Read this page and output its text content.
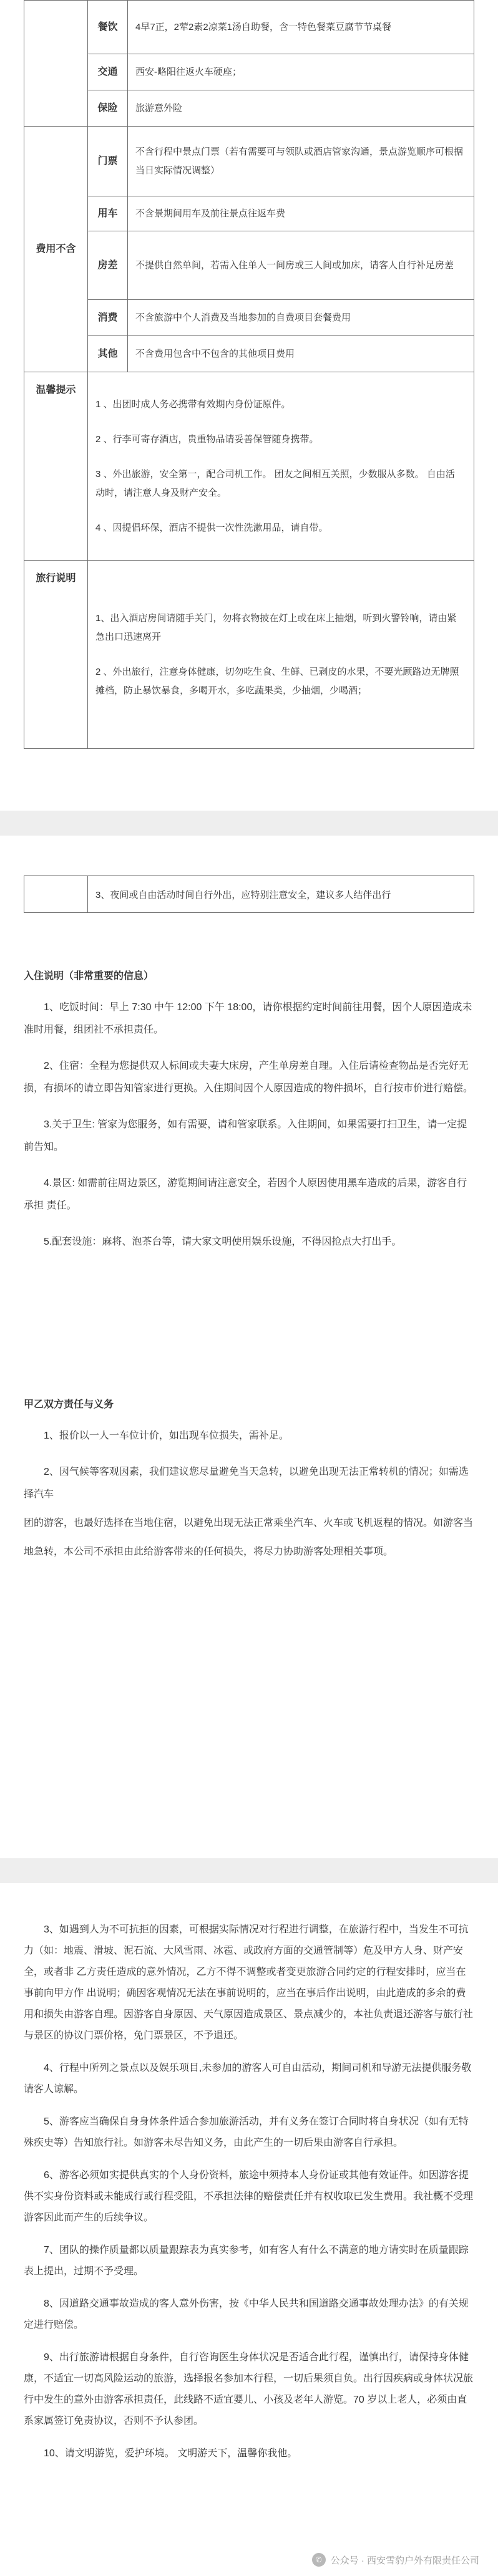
	餐饮	4早7正，2荤2素2凉菜1汤自助餐，含一特色餐菜豆腐节节桌餐
	交通	西安-略阳往返火车硬座；
	保险	旅游意外险
费用不含	门票	不含行程中景点门票（若有需要可与领队或酒店管家沟通，景点游览顺序可根据当日实际情况调整）
	用车	不含景期间用车及前往景点往返车费
	房差	不提供自然单间，若需入住单人一间房或三人间或加床，请客人自行补足房差
	消费	不含旅游中个人消费及当地参加的自费项目套餐费用
	其他	不含费用包含中不包含的其他项目费用
温馨提示	1 、出团时成人务必携带有效期内身份证原件。

2 、行李可寄存酒店，贵重物品请妥善保管随身携带。

3 、外出旅游，安全第一，配合司机工作。 团友之间相互关照，少数服从多数。 自由活动时，请注意人身及财产安全。

4 、因提倡环保，酒店不提供一次性洗漱用品，请自带。	

旅行说明	1、出入酒店房间请随手关门，勿将衣物披在灯上或在床上抽烟，听到火警铃响，请由紧急出口迅速离开

2 、外出旅行，注意身体健康，切勿吃生食、生鲜、已剥皮的水果，不要光顾路边无牌照摊档，防止暴饮暴食，多喝开水，多吃蔬果类，少抽烟，少喝酒；	

	3、夜间或自由活动时间自行外出，应特别注意安全，建议多人结伴出行
入住说明（非常重要的信息）

1、吃饭时间：早上 7:30 中午 12:00 下午 18:00，请你根据约定时间前往用餐，因个人原因造成未准时用餐，组团社不承担责任。

2、住宿：全程为您提供双人标间或夫妻大床房，产生单房差自理。入住后请检查物品是否完好无损，有损坏的请立即告知管家进行更换。入住期间因个人原因造成的物件损坏，自行按市价进行赔偿。

3.关于卫生: 管家为您服务，如有需要，请和管家联系。入住期间，如果需要打扫卫生，请一定提前告知。

4.景区: 如需前往周边景区，游览期间请注意安全，若因个人原因使用黑车造成的后果，游客自行承担 责任。

5.配套设施：麻将、泡茶台等，请大家文明使用娱乐设施，不得因抢点大打出手。

甲乙双方责任与义务

1、报价以一人一车位计价，如出现车位损失，需补足。

2、因气候等客观因素，我们建议您尽量避免当天急转，以避免出现无法正常转机的情况；如需选择汽车

团的游客，也最好选择在当地住宿，以避免出现无法正常乘坐汽车、火车或飞机返程的情况。如游客当

地急转，本公司不承担由此给游客带来的任何损失，将尽力协助游客处理相关事项。

3、如遇到人为不可抗拒的因素，可根据实际情况对行程进行调整，在旅游行程中，当发生不可抗力（如：地震、滑坡、泥石流、大风雪雨、冰雹、或政府方面的交通管制等）危及甲方人身、财产安全，或者非 乙方责任造成的意外情况，乙方不得不调整或者变更旅游合同约定的行程安排时，应当在事前向甲方作 出说明；确因客观情况无法在事前说明的，应当在事后作出说明，由此造成的多余的费用和损失由游客自理。因游客自身原因、天气原因造成景区、景点减少的，本社负责退还游客与旅行社与景区的协议门票价格，免门票景区，不予退还。

4、行程中所列之景点以及娱乐项目,未参加的游客人可自由活动，期间司机和导游无法提供服务敬请客人谅解。

5、游客应当确保自身身体条件适合参加旅游活动，并有义务在签订合同时将自身状况（如有无特殊疾史等）告知旅行社。如游客未尽告知义务，由此产生的一切后果由游客自行承担。

6、游客必须如实提供真实的个人身份资料，旅途中须持本人身份证或其他有效证件。如因游客提供不实身份资料或未能成行或行程受阻，不承担法律的赔偿责任并有权收取已发生费用。我社概不受理游客因此而产生的后续争议。

7、团队的操作质量都以质量跟踪表为真实参考，如有客人有什么不满意的地方请实时在质量跟踪表上提出，过期不予受理。

8、因道路交通事故造成的客人意外伤害，按《中华人民共和国道路交通事故处理办法》的有关规定进行赔偿。

9、出行旅游请根据自身条件，自行咨询医生身体状况是否适合此行程，谨慎出行，请保持身体健康，不适宜一切高风险运动的旅游，选择报名参加本行程，一切后果须自负。出行因疾病或身体状况旅行中发生的意外由游客承担责任，此线路不适宜婴儿、小孩及老年人游览。70 岁以上老人，必须由直系家属签订免责协议，否则不予认参团。

10、请文明游览，爱护环境。 文明游天下，温馨你我他。

✆ 公众号 · 西安雪豹户外有限责任公司
